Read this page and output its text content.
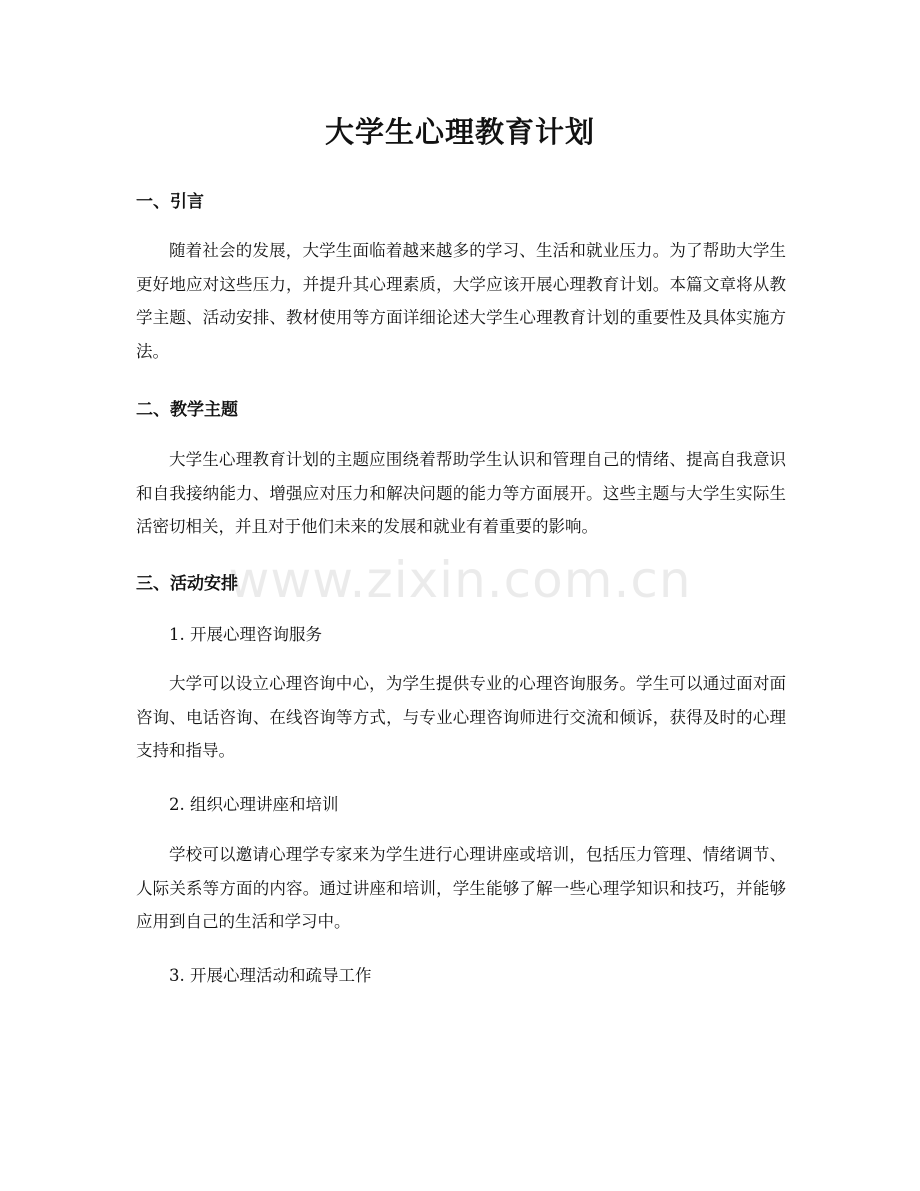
大学生心理教育计划
一、引言

随着社会的发展，大学生面临着越来越多的学习、生活和就业压力。为了帮助大学生更好地应对这些压力，并提升其心理素质，大学应该开展心理教育计划。本篇文章将从教学主题、活动安排、教材使用等方面详细论述大学生心理教育计划的重要性及具体实施方法。

二、教学主题

大学生心理教育计划的主题应围绕着帮助学生认识和管理自己的情绪、提高自我意识和自我接纳能力、增强应对压力和解决问题的能力等方面展开。这些主题与大学生实际生活密切相关，并且对于他们未来的发展和就业有着重要的影响。

三、活动安排

1. 开展心理咨询服务

大学可以设立心理咨询中心，为学生提供专业的心理咨询服务。学生可以通过面对面咨询、电话咨询、在线咨询等方式，与专业心理咨询师进行交流和倾诉，获得及时的心理支持和指导。

2. 组织心理讲座和培训

学校可以邀请心理学专家来为学生进行心理讲座或培训，包括压力管理、情绪调节、人际关系等方面的内容。通过讲座和培训，学生能够了解一些心理学知识和技巧，并能够应用到自己的生活和学习中。

3. 开展心理活动和疏导工作

www.zixin.com.cn
